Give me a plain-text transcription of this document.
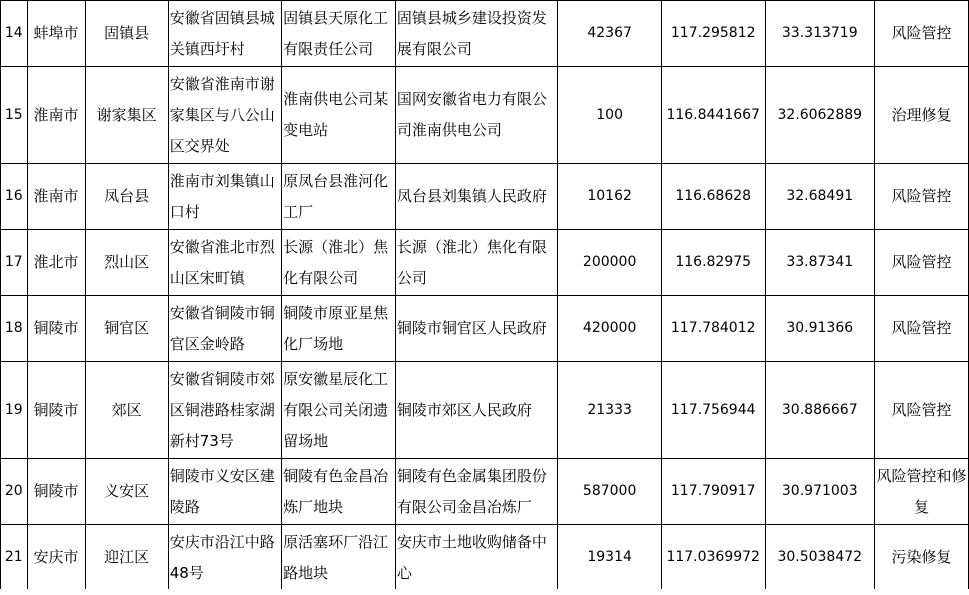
14	蚌埠市	固镇县	安徽省固镇县城关镇西圩村	固镇县天原化工有限责任公司	固镇县城乡建设投资发展有限公司	42367	117.295812	33.313719	风险管控
15	淮南市	谢家集区	安徽省淮南市谢家集区与八公山区交界处	淮南供电公司某变电站	国网安徽省电力有限公司淮南供电公司	100	116.8441667	32.6062889	治理修复
16	淮南市	凤台县	淮南市刘集镇山口村	原凤台县淮河化工厂	凤台县刘集镇人民政府	10162	116.68628	32.68491	风险管控
17	淮北市	烈山区	安徽省淮北市烈山区宋町镇	长源（淮北）焦化有限公司	长源（淮北）焦化有限公司	200000	116.82975	33.87341	风险管控
18	铜陵市	铜官区	安徽省铜陵市铜官区金岭路	铜陵市原亚星焦化厂场地	铜陵市铜官区人民政府	420000	117.784012	30.91366	风险管控
19	铜陵市	郊区	安徽省铜陵市郊区铜港路桂家湖新村73号	原安徽星辰化工有限公司关闭遗留场地	铜陵市郊区人民政府	21333	117.756944	30.886667	风险管控
20	铜陵市	义安区	铜陵市义安区建陵路	铜陵有色金昌冶炼厂地块	铜陵有色金属集团股份有限公司金昌冶炼厂	587000	117.790917	30.971003	风险管控和修复
21	安庆市	迎江区	安庆市沿江中路48号	原活塞环厂沿江路地块	安庆市土地收购储备中心	19314	117.0369972	30.5038472	污染修复
